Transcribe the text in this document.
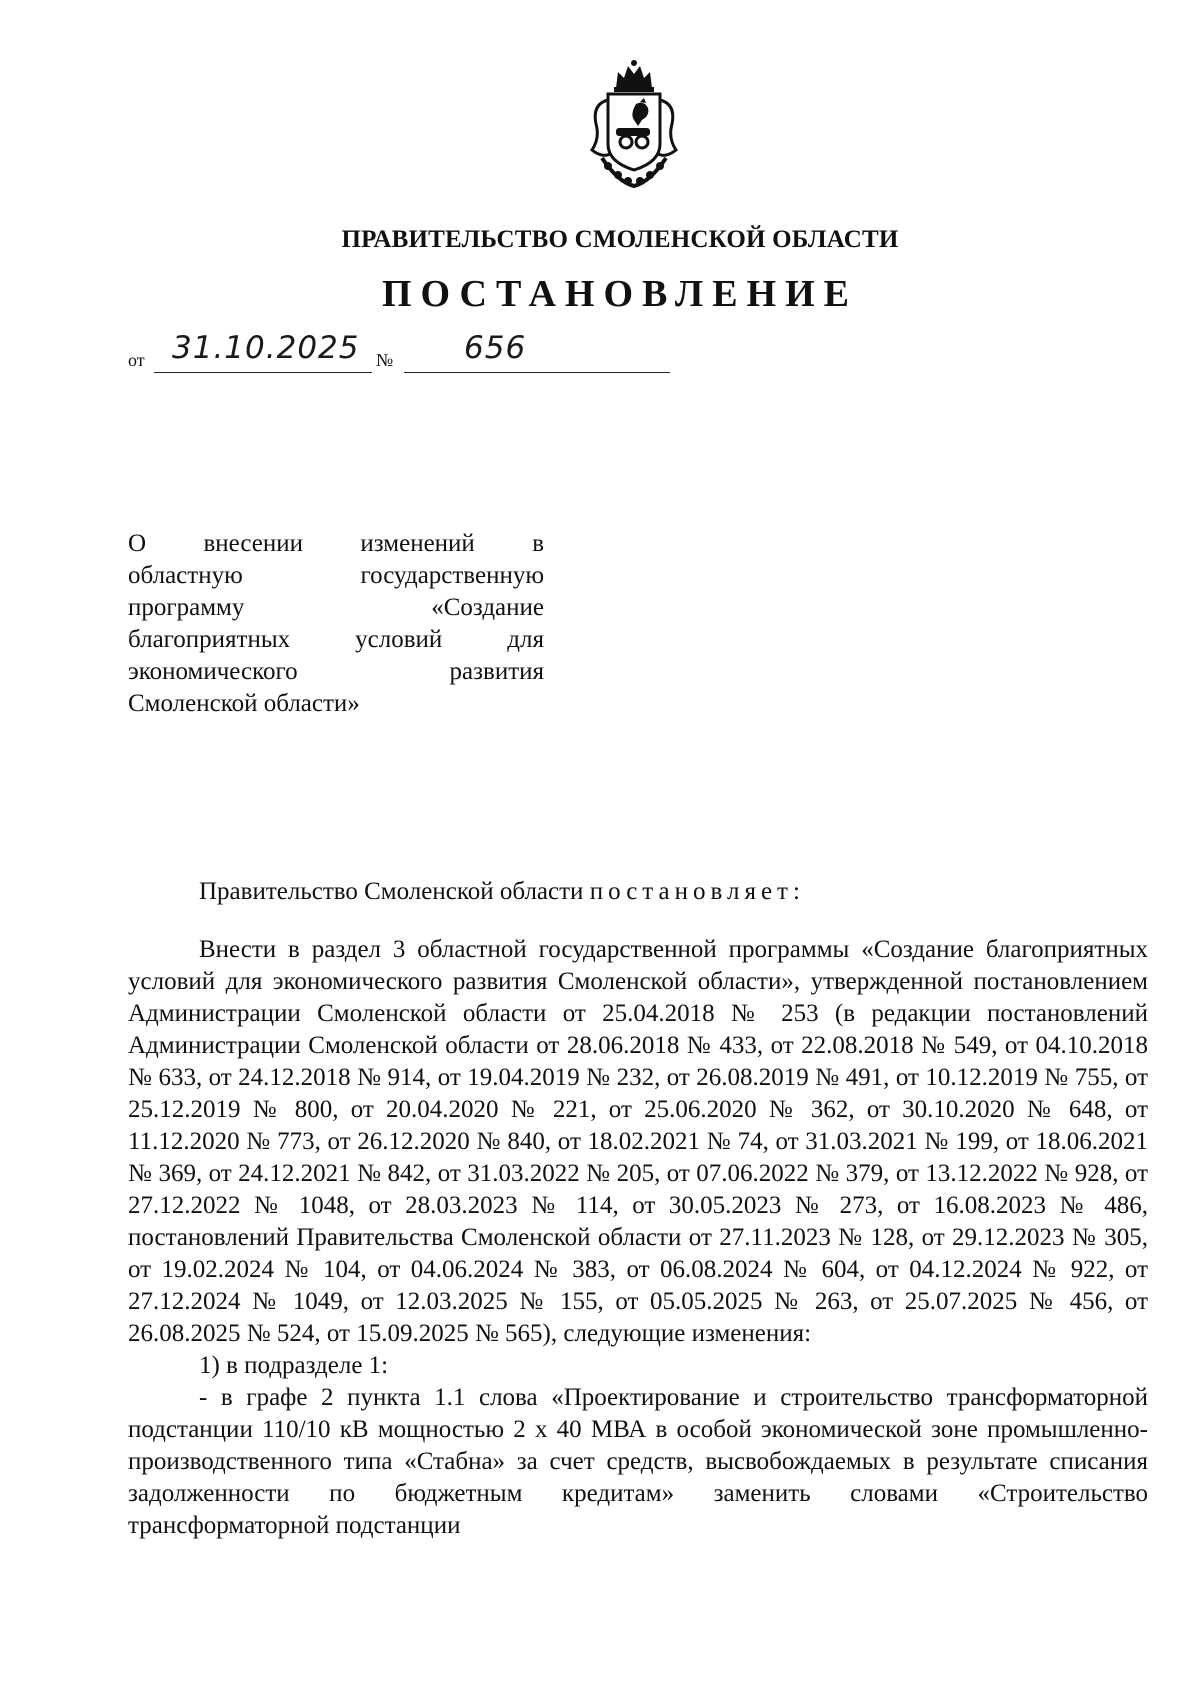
ПРАВИТЕЛЬСТВО СМОЛЕНСКОЙ ОБЛАСТИ
ПОСТАНОВЛЕНИЕ
от 31.10.2025 № 656
О внесении изменений в
областную государственную
программу «Создание
благоприятных условий для
экономического развития
Смоленской области»

Правительство Смоленской области постановляет:

Внести в раздел 3 областной государственной программы «Создание благоприятных условий для экономического развития Смоленской области», утвержденной постановлением Администрации Смоленской области от 25.04.2018 № 253 (в редакции постановлений Администрации Смоленской области от 28.06.2018 № 433, от 22.08.2018 № 549, от 04.10.2018 № 633, от 24.12.2018 № 914, от 19.04.2019 № 232, от 26.08.2019 № 491, от 10.12.2019 № 755, от 25.12.2019 № 800, от 20.04.2020 № 221, от 25.06.2020 № 362, от 30.10.2020 № 648, от 11.12.2020 № 773, от 26.12.2020 № 840, от 18.02.2021 № 74, от 31.03.2021 № 199, от 18.06.2021 № 369, от 24.12.2021 № 842, от 31.03.2022 № 205, от 07.06.2022 № 379, от 13.12.2022 № 928, от 27.12.2022 № 1048, от 28.03.2023 № 114, от 30.05.2023 № 273, от 16.08.2023 № 486, постановлений Правительства Смоленской области от 27.11.2023 № 128, от 29.12.2023 № 305, от 19.02.2024 № 104, от 04.06.2024 № 383, от 06.08.2024 № 604, от 04.12.2024 № 922, от 27.12.2024 № 1049, от 12.03.2025 № 155, от 05.05.2025 № 263, от 25.07.2025 № 456, от 26.08.2025 № 524, от 15.09.2025 № 565), следующие изменения:

1) в подразделе 1:

- в графе 2 пункта 1.1 слова «Проектирование и строительство трансформаторной подстанции 110/10 кВ мощностью 2 х 40 МВА в особой экономической зоне промышленно-производственного типа «Стабна» за счет средств, высвобождаемых в результате списания задолженности по бюджетным кредитам» заменить словами «Строительство трансформаторной подстанции
